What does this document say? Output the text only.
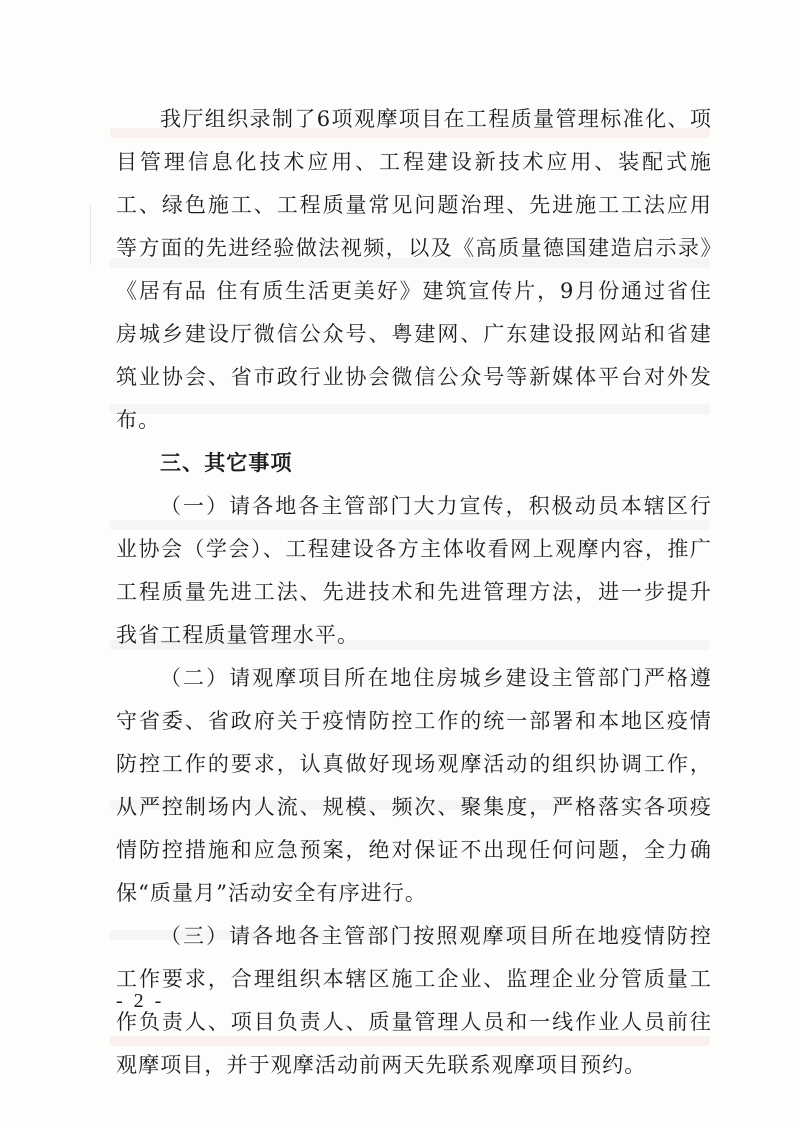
我厅组织录制了6项观摩项目在工程质量管理标准化、项目管理信息化技术应用、工程建设新技术应用、装配式施工、绿色施工、工程质量常见问题治理、先进施工工法应用等方面的先进经验做法视频，以及《高质量德国建造启示录》《居有品 住有质生活更美好》建筑宣传片，9月份通过省住房城乡建设厅微信公众号、粤建网、广东建设报网站和省建筑业协会、省市政行业协会微信公众号等新媒体平台对外发布。

三、其它事项

（一）请各地各主管部门大力宣传，积极动员本辖区行业协会（学会）、工程建设各方主体收看网上观摩内容，推广工程质量先进工法、先进技术和先进管理方法，进一步提升我省工程质量管理水平。

（二）请观摩项目所在地住房城乡建设主管部门严格遵守省委、省政府关于疫情防控工作的统一部署和本地区疫情防控工作的要求，认真做好现场观摩活动的组织协调工作，从严控制场内人流、规模、频次、聚集度，严格落实各项疫情防控措施和应急预案，绝对保证不出现任何问题，全力确保“质量月”活动安全有序进行。

（三）请各地各主管部门按照观摩项目所在地疫情防控工作要求，合理组织本辖区施工企业、监理企业分管质量工作负责人、项目负责人、质量管理人员和一线作业人员前往观摩项目，并于观摩活动前两天先联系观摩项目预约。

- 2 -
